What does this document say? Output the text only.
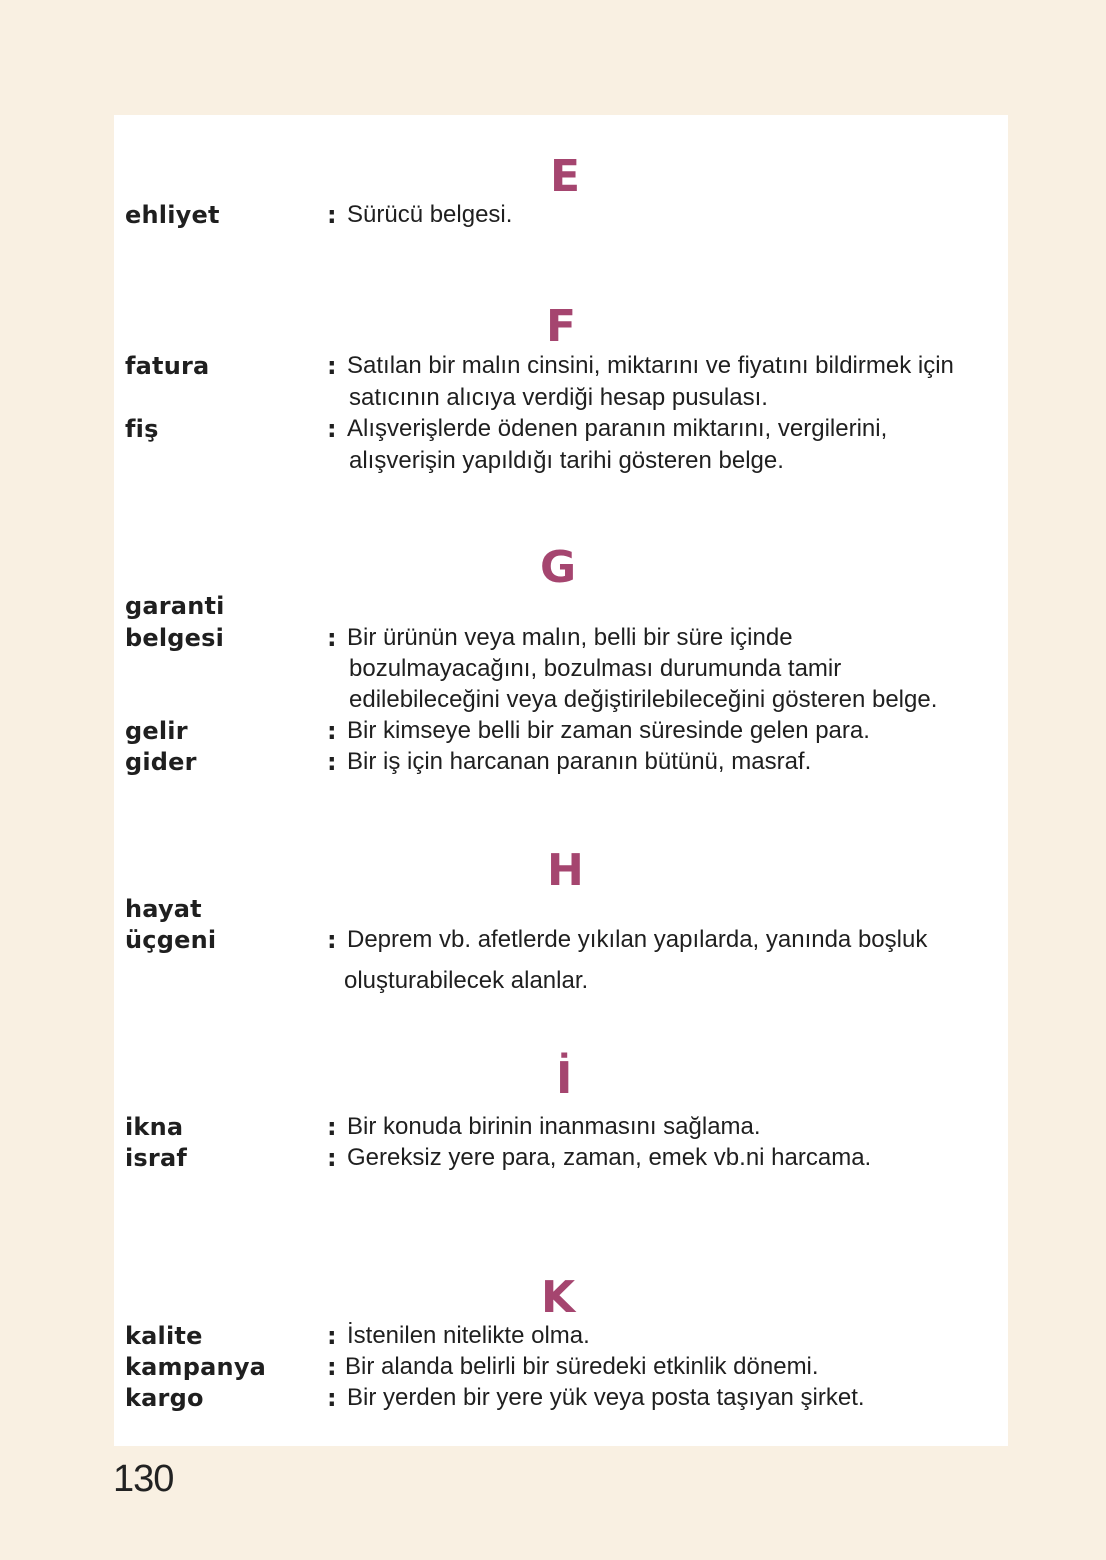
E
ehliyet	: Sürücü belgesi.
F
fatura	: Satılan bir malın cinsini, miktarını ve fiyatını bildirmek için
satıcının alıcıya verdiği hesap pusulası.
fiş	: Alışverişlerde ödenen paranın miktarını, vergilerini,
alışverişin yapıldığı tarihi gösteren belge.
G
garanti
belgesi	: Bir ürünün veya malın, belli bir süre içinde
bozulmayacağını, bozulması durumunda tamir
edilebileceğini veya değiştirilebileceğini gösteren belge.
gelir	: Bir kimseye belli bir zaman süresinde gelen para.
gider	: Bir iş için harcanan paranın bütünü, masraf.
H
hayat
üçgeni	: Deprem vb. afetlerde yıkılan yapılarda, yanında boşluk
oluşturabilecek alanlar.
İ
ikna	: Bir konuda birinin inanmasını sağlama.
israf	: Gereksiz yere para, zaman, emek vb.ni harcama.
K
kalite	: İstenilen nitelikte olma.
kampanya	: Bir alanda belirli bir süredeki etkinlik dönemi.
kargo	: Bir yerden bir yere yük veya posta taşıyan şirket.
130
